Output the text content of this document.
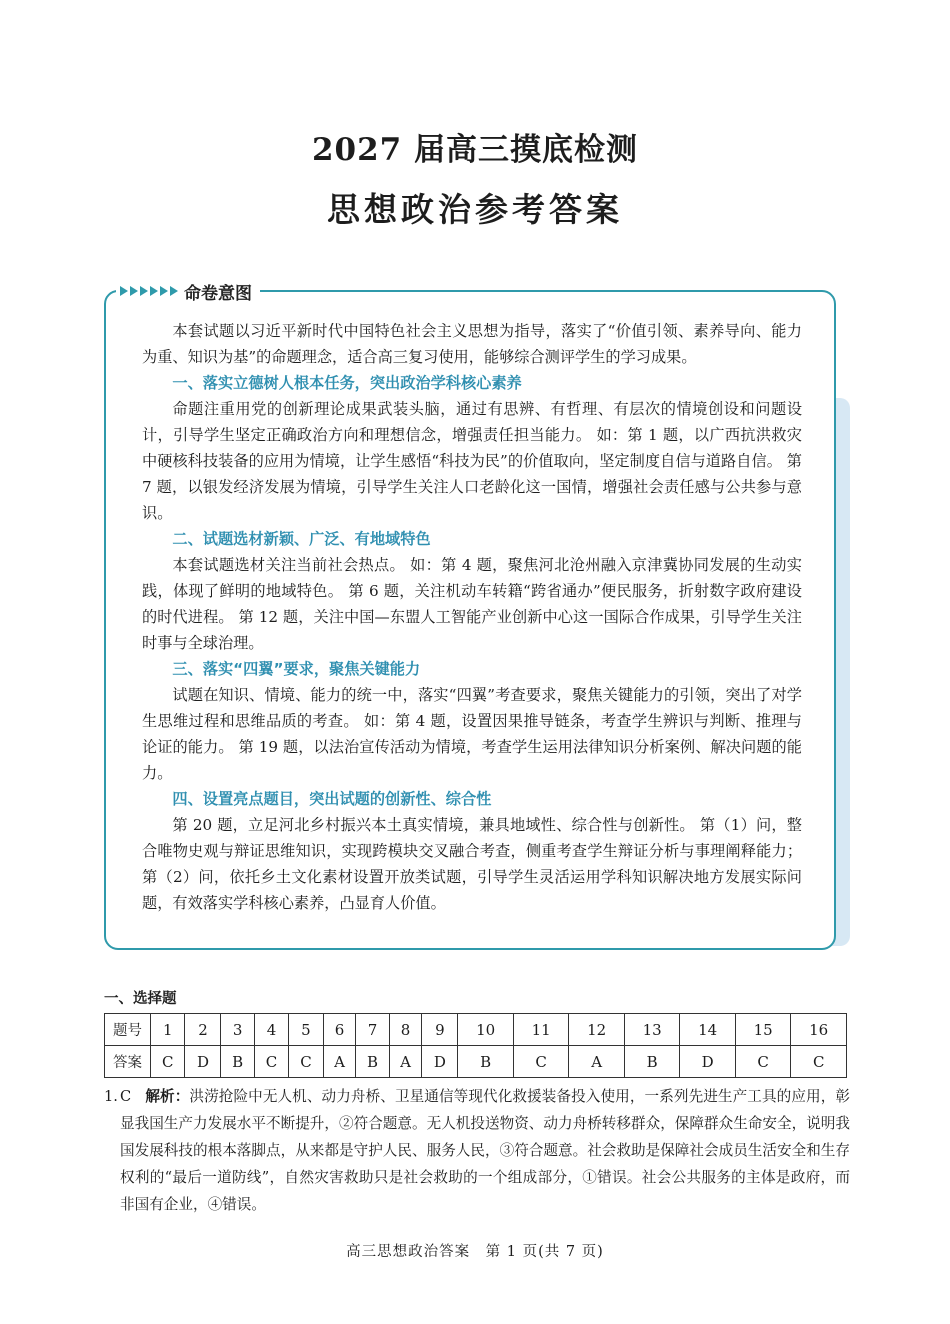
2027 届高三摸底检测
思想政治参考答案
命卷意图

本套试题以习近平新时代中国特色社会主义思想为指导，落实了“价值引领、素养导向、能力为重、知识为基”的命题理念，适合高三复习使用，能够综合测评学生的学习成果。

一、落实立德树人根本任务，突出政治学科核心素养

命题注重用党的创新理论成果武装头脑，通过有思辨、有哲理、有层次的情境创设和问题设计，引导学生坚定正确政治方向和理想信念，增强责任担当能力。 如：第 1 题，以广西抗洪救灾中硬核科技装备的应用为情境，让学生感悟“科技为民”的价值取向，坚定制度自信与道路自信。 第 7 题，以银发经济发展为情境，引导学生关注人口老龄化这一国情，增强社会责任感与公共参与意识。

二、试题选材新颖、广泛、有地域特色

本套试题选材关注当前社会热点。 如：第 4 题，聚焦河北沧州融入京津冀协同发展的生动实践，体现了鲜明的地域特色。 第 6 题，关注机动车转籍“跨省通办”便民服务，折射数字政府建设的时代进程。 第 12 题，关注中国—东盟人工智能产业创新中心这一国际合作成果，引导学生关注时事与全球治理。

三、落实“四翼”要求，聚焦关键能力

试题在知识、情境、能力的统一中，落实“四翼”考查要求，聚焦关键能力的引领，突出了对学生思维过程和思维品质的考查。 如：第 4 题，设置因果推导链条，考查学生辨识与判断、推理与论证的能力。 第 19 题，以法治宣传活动为情境，考查学生运用法律知识分析案例、解决问题的能力。

四、设置亮点题目，突出试题的创新性、综合性

第 20 题，立足河北乡村振兴本土真实情境，兼具地域性、综合性与创新性。 第（1）问，整合唯物史观与辩证思维知识，实现跨模块交叉融合考查，侧重考查学生辩证分析与事理阐释能力；第（2）问，依托乡土文化素材设置开放类试题，引导学生灵活运用学科知识解决地方发展实际问题，有效落实学科核心素养，凸显育人价值。

一、选择题
题号	1	2	3	4	5	6	7	8	9	10	11	12	13	14	15	16
答案	C	D	B	C	C	A	B	A	D	B	C	A	B	D	C	C
1. C 解析：洪涝抢险中无人机、动力舟桥、卫星通信等现代化救援装备投入使用，一系列先进生产工具的应用，彰显我国生产力发展水平不断提升，②符合题意。无人机投送物资、动力舟桥转移群众，保障群众生命安全，说明我国发展科技的根本落脚点，从来都是守护人民、服务人民，③符合题意。社会救助是保障社会成员生活安全和生存权利的“最后一道防线”，自然灾害救助只是社会救助的一个组成部分，①错误。社会公共服务的主体是政府，而非国有企业，④错误。
高三思想政治答案　第 1 页(共 7 页)
